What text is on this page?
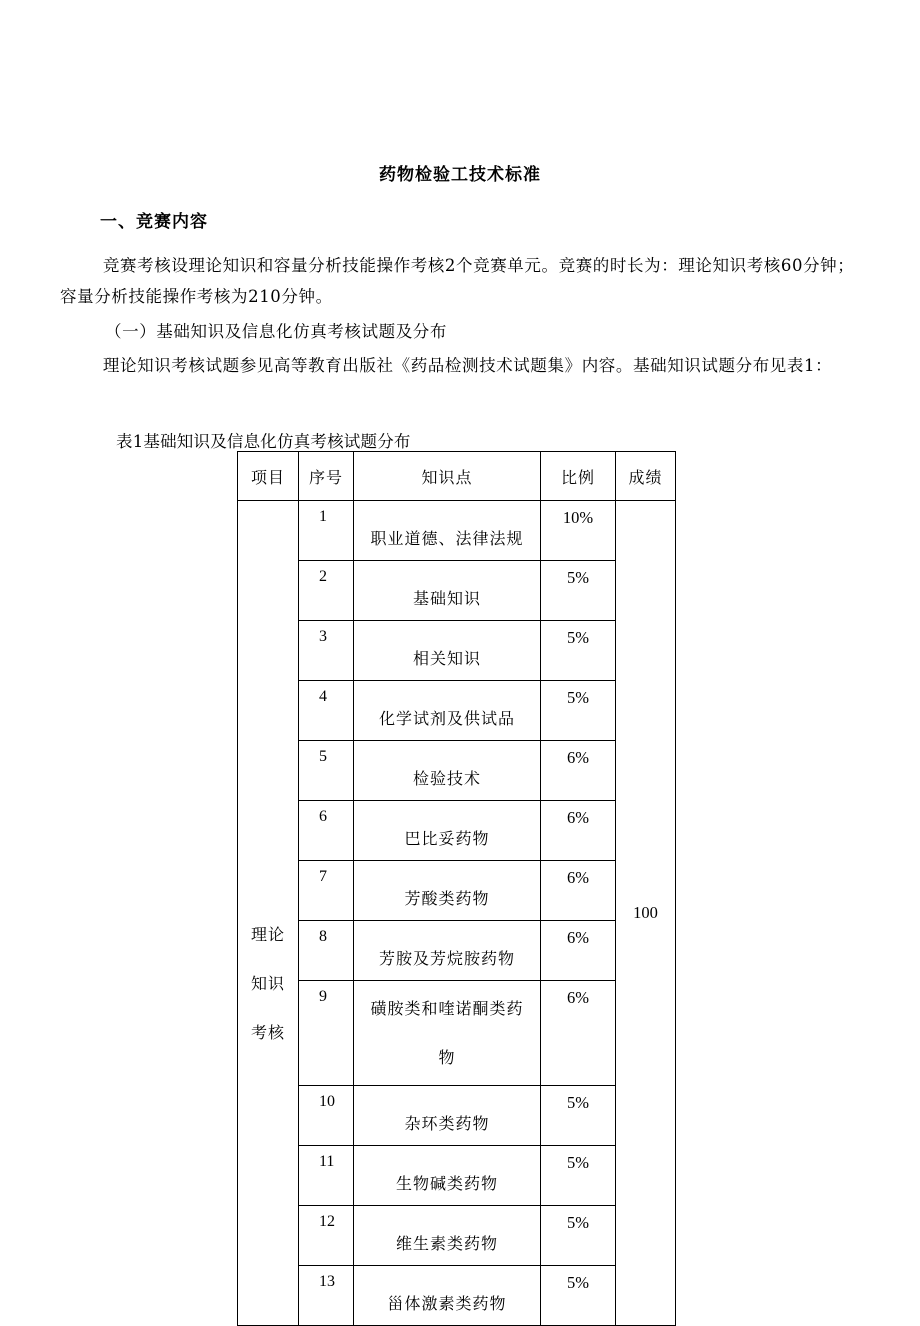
药物检验工技术标准
一、竞赛内容

竞赛考核设理论知识和容量分析技能操作考核2个竞赛单元。竞赛的时长为：理论知识考核60分钟；容量分析技能操作考核为210分钟。

（一）基础知识及信息化仿真考核试题及分布

理论知识考核试题参见高等教育出版社《药品检测技术试题集》内容。基础知识试题分布见表1：

表1基础知识及信息化仿真考核试题分布
项目	序号	知识点	比例	成绩

理论
知识
考核	1	职业道德、法律法规	10%	100
	2	基础知识	5%	
	3	相关知识	5%	
	4	化学试剂及供试品	5%	
	5	检验技术	6%	
	6	巴比妥药物	6%	
	7	芳酸类药物	6%	
	8	芳胺及芳烷胺药物	6%	
	9	磺胺类和喹诺酮类药物	6%	
	10	杂环类药物	5%	
	11	生物碱类药物	5%	
	12	维生素类药物	5%	
	13	甾体激素类药物	5%	
